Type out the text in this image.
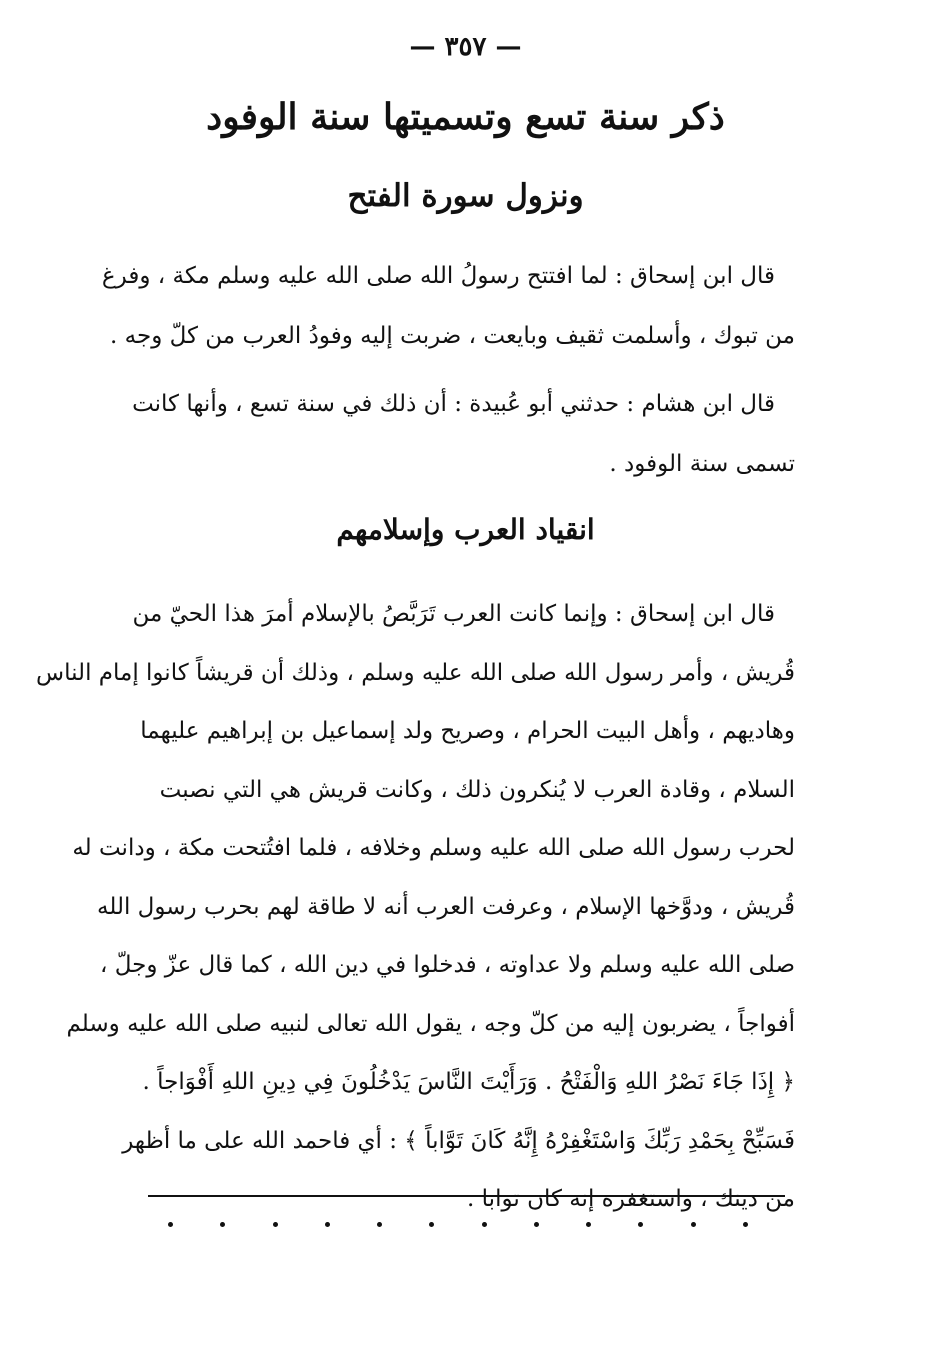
— ٣٥٧ —
ذكر سنة تسع وتسميتها سنة الوفود
ونزول سورة الفتح
قال ابن إسحاق : لما افتتح رسولُ الله صلى الله عليه وسلم مكة ، وفرغ
من تبوك ، وأسلمت ثقيف وبايعت ، ضربت إليه وفودُ العرب من كلّ وجه .
قال ابن هشام : حدثني أبو عُبيدة : أن ذلك في سنة تسع ، وأنها كانت
تسمى سنة الوفود .
انقياد العرب وإسلامهم
قال ابن إسحاق : وإنما كانت العرب تَرَبَّصُ بالإسلام أمرَ هذا الحيّ من
قُريش ، وأمر رسول الله صلى الله عليه وسلم ، وذلك أن قريشاً كانوا إمام الناس
وهاديهم ، وأهل البيت الحرام ، وصريح ولد إسماعيل بن إبراهيم عليهما
السلام ، وقادة العرب لا يُنكرون ذلك ، وكانت قريش هي التي نصبت
لحرب رسول الله صلى الله عليه وسلم وخلافه ، فلما افتُتحت مكة ، ودانت له
قُريش ، ودوَّخها الإسلام ، وعرفت العرب أنه لا طاقة لهم بحرب رسول الله
صلى الله عليه وسلم ولا عداوته ، فدخلوا في دين الله ، كما قال عزّ وجلّ ،
أفواجاً ، يضربون إليه من كلّ وجه ، يقول الله تعالى لنبيه صلى الله عليه وسلم
﴿ إِذَا جَاءَ نَصْرُ اللهِ وَالْفَتْحُ . وَرَأَيْتَ النَّاسَ يَدْخُلُونَ فِي دِينِ اللهِ أَفْوَاجاً .
فَسَبِّحْ بِحَمْدِ رَبِّكَ وَاسْتَغْفِرْهُ إِنَّهُ كَانَ تَوَّاباً ﴾ : أي فاحمد الله على ما أظهر
من دينك ، واستغفره إنه كان توابا .
